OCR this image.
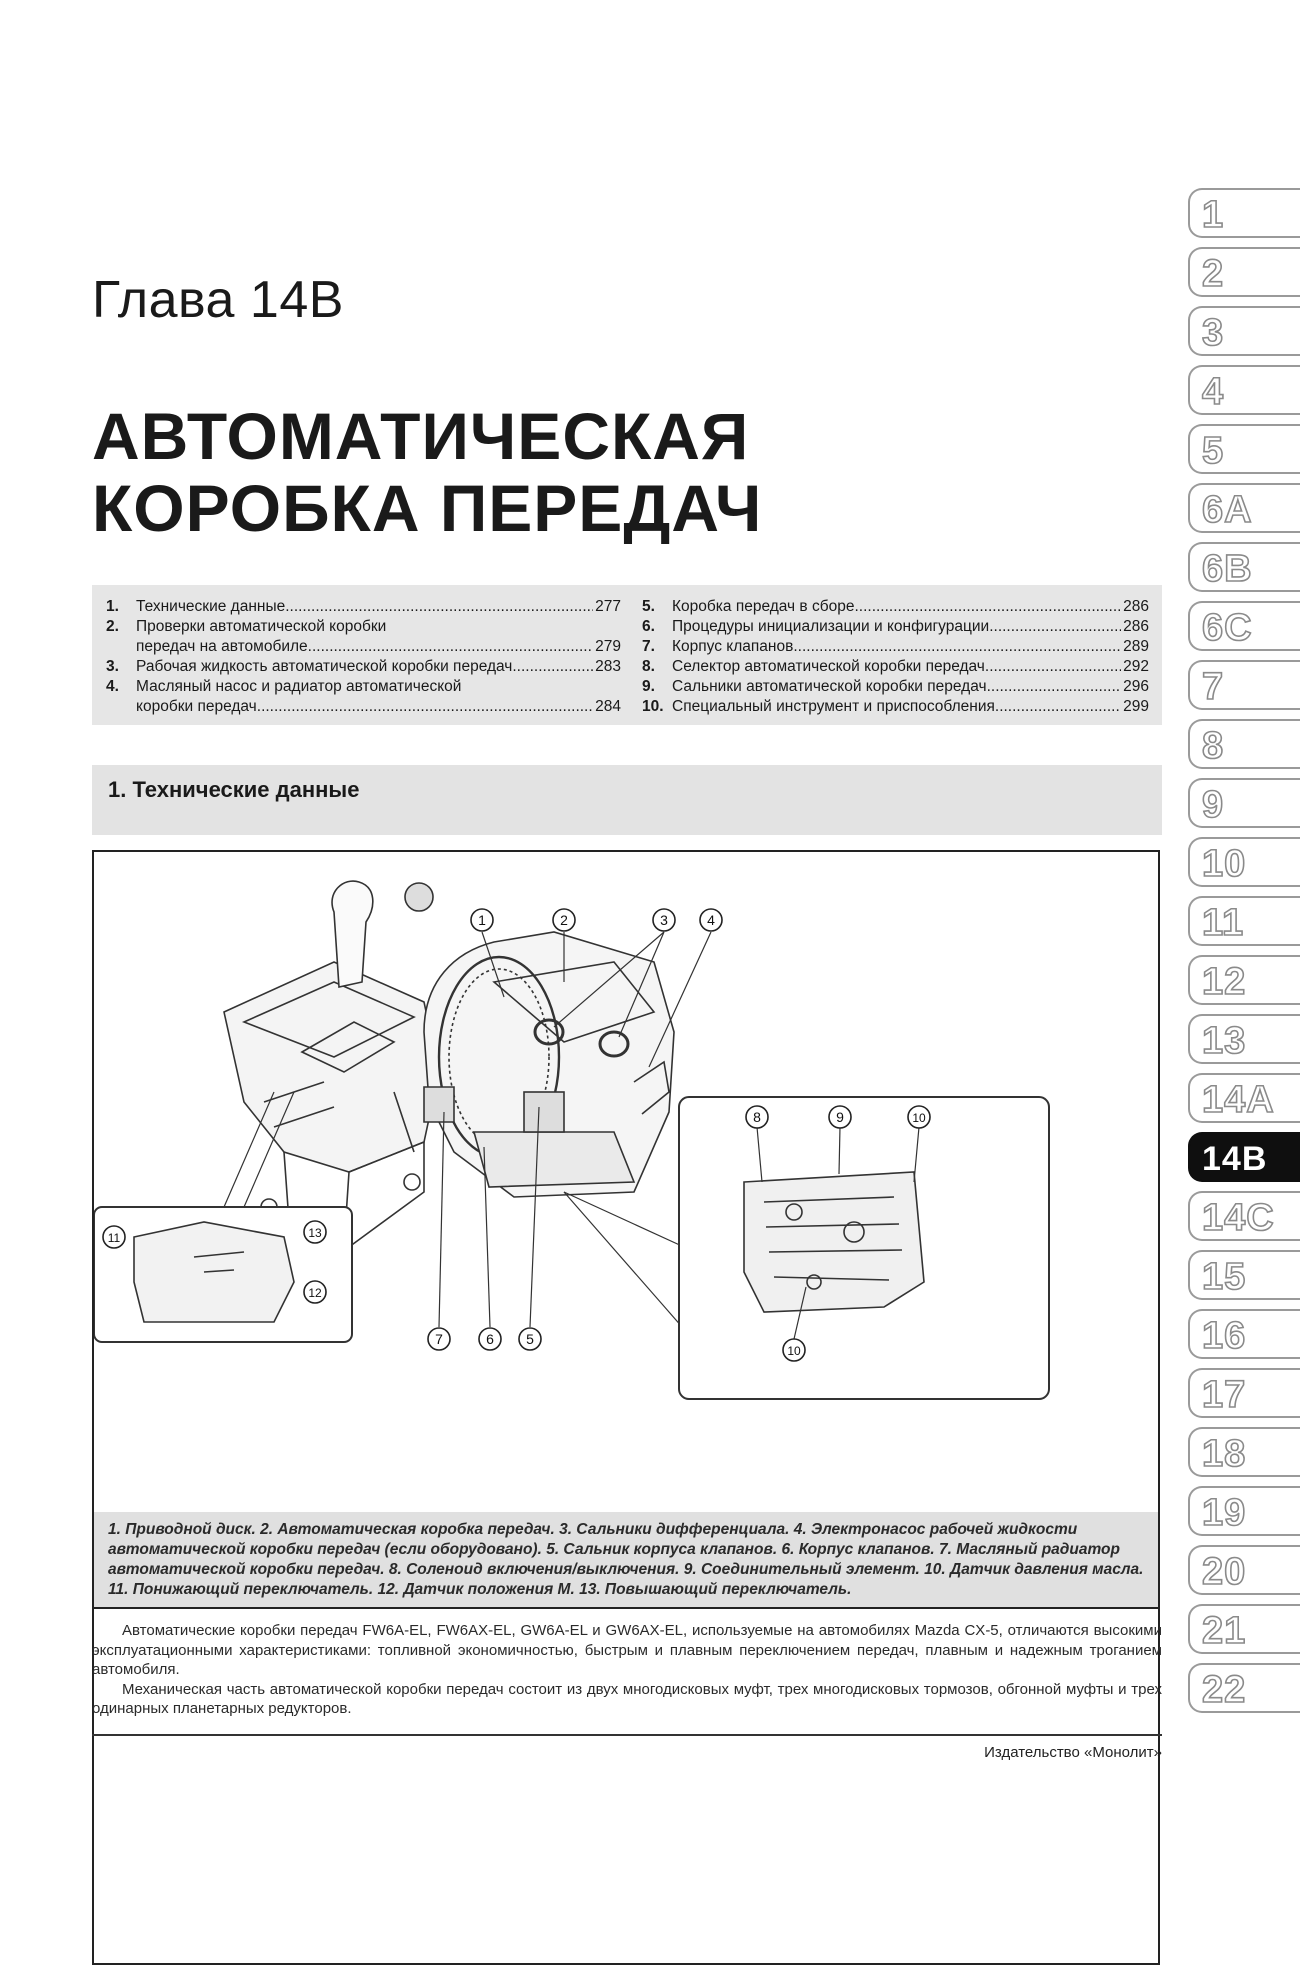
Глава 14В
АВТОМАТИЧЕСКАЯ
КОРОБКА ПЕРЕДАЧ
1.	Технические данные .....	277
2.	Проверки автоматической коробки
передач на автомобиле .....	279
3.	Рабочая жидкость автоматической коробки передач .....	283
4.	Масляный насос и радиатор автоматической
коробки передач .....	284
5.	Коробка передач в сборе .....	286
6.	Процедуры инициализации и конфигурации .....	286
7.	Корпус клапанов .....	289
8.	Селектор автоматической коробки передач .....	292
9.	Сальники автоматической коробки передач .....	296
10. Специальный инструмент и приспособления .....	299
1. Технические данные
1	2	3	4
5
6
7
8	9	10
10
11
12
13
1. Приводной диск. 2. Автоматическая коробка передач. 3. Сальники дифференциала. 4. Электронасос рабочей жидкости автоматической коробки передач (если оборудовано). 5. Сальник корпуса клапанов. 6. Корпус клапанов. 7. Масляный радиатор автоматической коробки передач. 8. Соленоид включения/выключения. 9. Соединительный элемент. 10. Датчик давления масла. 11. Понижающий переключатель. 12. Датчик положения М. 13. Повышающий переключатель.

Автоматические коробки передач FW6A-EL, FW6AX-EL, GW6A-EL и GW6AX-EL, используемые на автомобилях Mazda CX-5, отличаются высокими эксплуатационными характеристиками: топливной экономичностью, быстрым и плавным переключением передач, плавным и надежным троганием автомобиля.

Механическая часть автоматической коробки передач состоит из двух многодисковых муфт, трех многодисковых тормозов, обгонной муфты и трех одинарных планетарных редукторов.

Издательство «Монолит»
1
2
3
4
5
6А
6В
6С
7
8
9
10
11
12
13
14А
14В
14С
15
16
17
18
19
20
21
22
